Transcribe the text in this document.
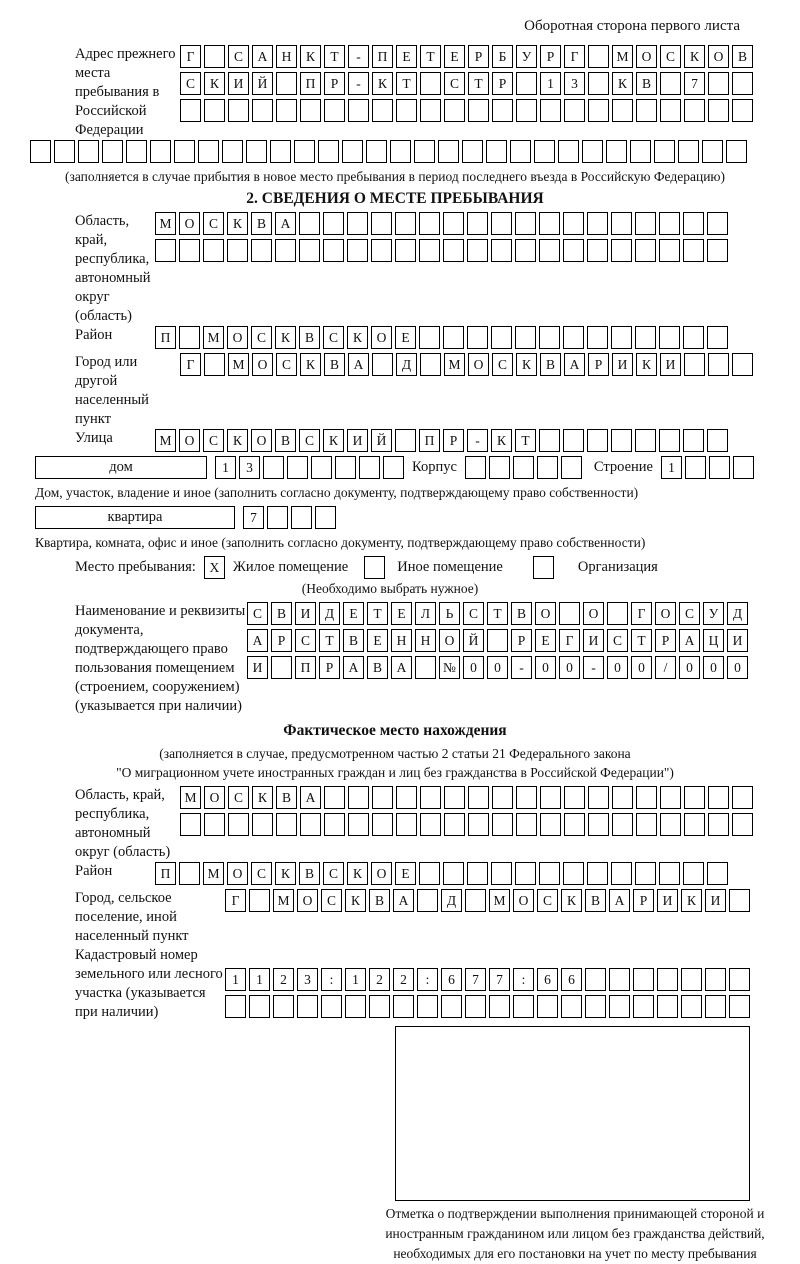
Оборотная сторона первого листа
Адрес прежнего места пребывания в Российской Федерации
Г	С	А	Н	К	Т	-	П	Е	Т	Е	Р	Б	У	Р	Г	М О	С	К	О	В
С	К	И	Й	П	Р	-	К	Т	С	Т	Р	1	3	К	В	7
(заполняется в случае прибытия в новое место пребывания в период последнего въезда в Российскую Федерацию)
2. СВЕДЕНИЯ О МЕСТЕ ПРЕБЫВАНИЯ
Область, край, республика, автономный округ (область)
М О	С	К	В	А
Район	П	М О	С	К	В	С	К	О	Е
Город или другой населенный пункт
Г	М О	С	К	В	А	Д	М О	С	К	В	А	Р	И	К	И
Улица	М О	С	К	О	В	С	К	И	Й	П	Р	-	К	Т
дом	1	3	Корпус	Строение	1
Дом, участок, владение и иное (заполнить согласно документу, подтверждающему право собственности)
квартира	7
Квартира, комната, офис и иное (заполнить согласно документу, подтверждающему право собственности)
Место пребывания:	X Жилое помещение	Иное помещение	Организация
(Необходимо выбрать нужное)
Наименование и реквизиты документа, подтверждающего право пользования помещением (строением, сооружением) (указывается при наличии)
С	В	И	Д	Е	Т	Е	Л	Ь	С	Т	В	О	О	Г	О	С	У	Д
А	Р	С	Т	В	Е	Н	Н	О	Й	Р	Е	Г	И	С	Т	Р	А	Ц	И
И	П	Р	А	В	А	№	0	0	-	0	0	-	0	0	/	0	0	0
Фактическое место нахождения
(заполняется в случае, предусмотренном частью 2 статьи 21 Федерального закона
"О миграционном учете иностранных граждан и лиц без гражданства в Российской Федерации")
Область, край, республика, автономный округ (область)
М О	С	К	В	А
Район	П	М О	С	К	В	С	К	О	Е
Город, сельское поселение, иной населенный пункт
Г	М О	С	К	В	А	Д	М О	С	К	В	А	Р	И	К	И
Кадастровый номер земельного или лесного участка (указывается при наличии)
1	1	2	3	:	1	2	2	:	6	7	7	:	6	6
Отметка о подтверждении выполнения принимающей стороной и иностранным гражданином или лицом без гражданства действий, необходимых для его постановки на учет по месту пребывания
